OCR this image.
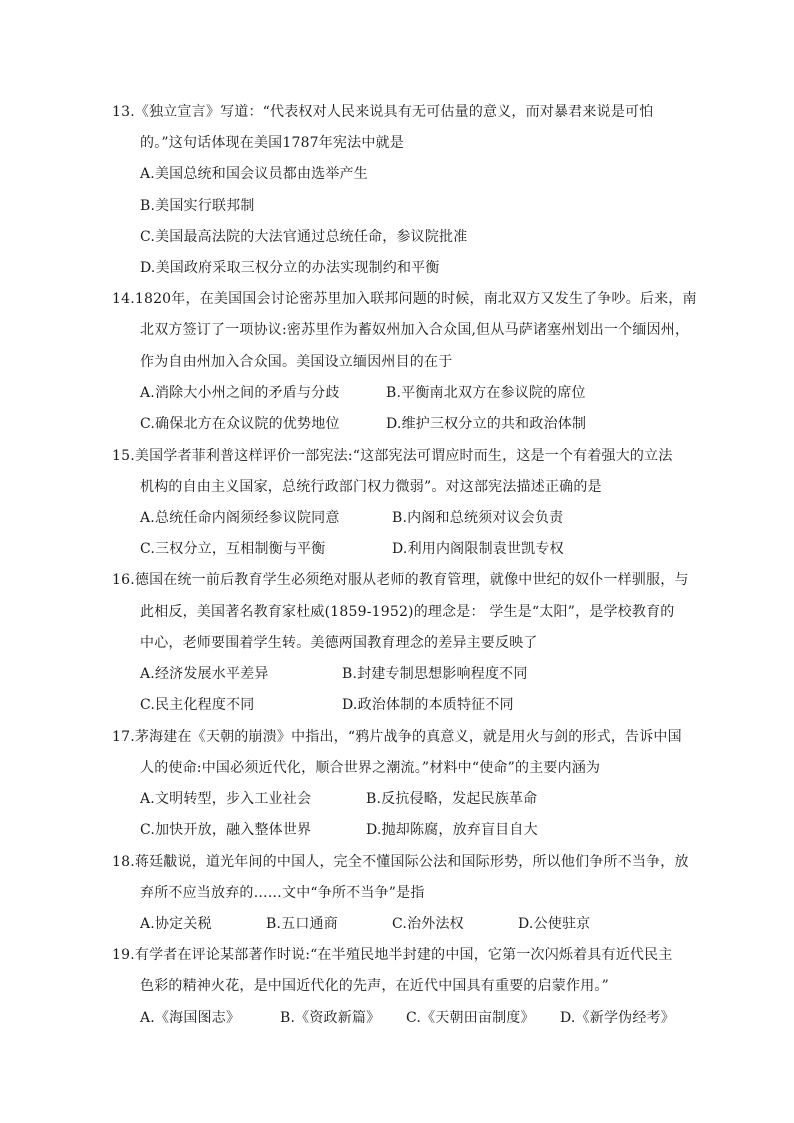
13.《独立宣言》写道：“代表权对人民来说具有无可估量的意义，而对暴君来说是可怕
的。”这句话体现在美国1787年宪法中就是
A.美国总统和国会议员都由选举产生
B.美国实行联邦制
C.美国最高法院的大法官通过总统任命，参议院批准
D.美国政府采取三权分立的办法实现制约和平衡
14.1820年，在美国国会讨论密苏里加入联邦问题的时候，南北双方又发生了争吵。后来，南
北双方签订了一项协议:密苏里作为蓄奴州加入合众国,但从马萨诸塞州划出一个缅因州，
作为自由州加入合众国。美国设立缅因州目的在于
A.消除大小州之间的矛盾与分歧	B.平衡南北双方在参议院的席位
C.确保北方在众议院的优势地位	D.维护三权分立的共和政治体制
15.美国学者菲利普这样评价一部宪法:“这部宪法可谓应时而生，这是一个有着强大的立法
机构的自由主义国家，总统行政部门权力微弱”。对这部宪法描述正确的是
A.总统任命内阁须经参议院同意	B.内阁和总统须对议会负责
C.三权分立，互相制衡与平衡	D.利用内阁限制袁世凯专权
16.德国在统一前后教育学生必须绝对服从老师的教育管理，就像中世纪的奴仆一样驯服，与
此相反，美国著名教育家杜威(1859-1952)的理念是： 学生是“太阳”，是学校教育的
中心，老师要围着学生转。美德两国教育理念的差异主要反映了
A.经济发展水平差异	B.封建专制思想影响程度不同
C.民主化程度不同	D.政治体制的本质特征不同
17.茅海建在《天朝的崩溃》中指出，“鸦片战争的真意义，就是用火与剑的形式，告诉中国
人的使命:中国必须近代化，顺合世界之潮流。”材料中“使命”的主要内涵为
A.文明转型，步入工业社会	B.反抗侵略，发起民族革命
C.加快开放，融入整体世界	D.抛却陈腐，放弃盲目自大
18.蒋廷黻说，道光年间的中国人，完全不懂国际公法和国际形势，所以他们争所不当争，放
弃所不应当放弃的……文中“争所不当争”是指
A.协定关税	B.五口通商	C.治外法权	D.公使驻京
19.有学者在评论某部著作时说:“在半殖民地半封建的中国，它第一次闪烁着具有近代民主
色彩的精神火花，是中国近代化的先声，在近代中国具有重要的启蒙作用。”
A.《海国图志》	B.《资政新篇》 C.《天朝田亩制度》 D.《新学伪经考》
